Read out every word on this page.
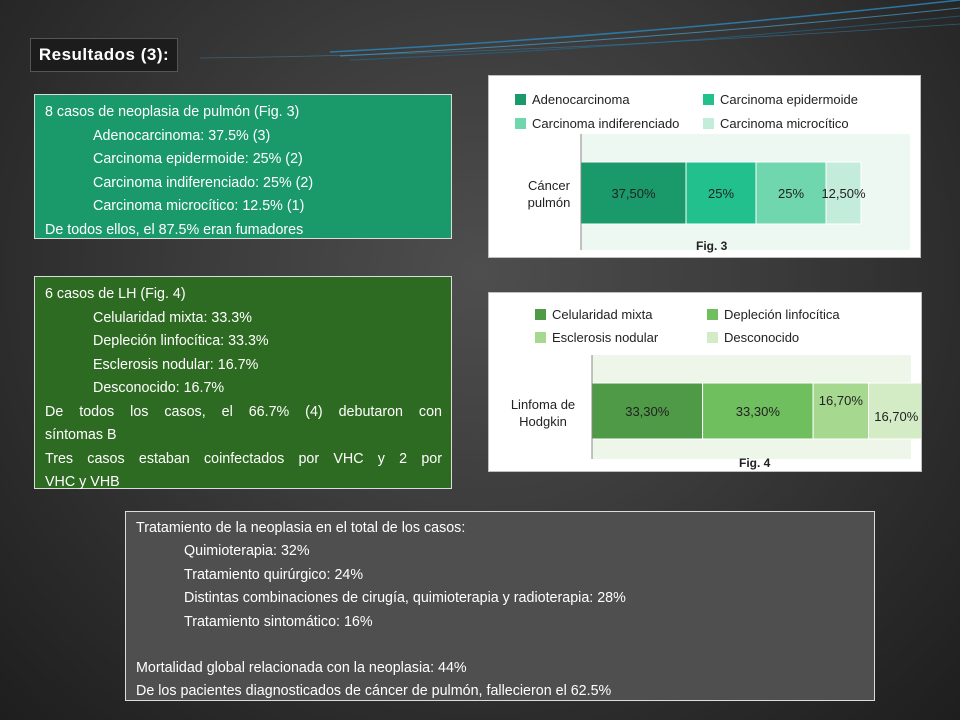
Resultados (3):
8 casos de neoplasia de pulmón (Fig. 3)
Adenocarcinoma: 37.5% (3)
Carcinoma epidermoide: 25% (2)
Carcinoma indiferenciado: 25% (2)
Carcinoma microcítico: 12.5% (1)
De todos ellos, el 87.5% eran fumadores
6 casos de LH (Fig. 4)
Celularidad mixta: 33.3%
Depleción linfocítica: 33.3%
Esclerosis nodular: 16.7%
Desconocido: 16.7%
De todos los casos, el 66.7% (4) debutaron con
síntomas B
Tres casos estaban coinfectados por VHC y 2 por
VHC y VHB
Tratamiento de la neoplasia en el total de los casos:
Quimioterapia: 32%
Tratamiento quirúrgico: 24%
Distintas combinaciones de cirugía, quimioterapia y radioterapia: 28%
Tratamiento sintomático: 16%
Mortalidad global relacionada con la neoplasia: 44%
De los pacientes diagnosticados de cáncer de pulmón, fallecieron el 62.5%
37,50%	25%	25% 12,50%
Adenocarcinoma	Carcinoma epidermoide
Carcinoma indiferenciado	Carcinoma microcítico
Cáncer
pulmón
Fig. 3
33,30%	33,30%
16,70%
16,70%
Celularidad mixta	Depleción linfocítica
Esclerosis nodular	Desconocido
Linfoma de
Hodgkin
Fig. 4
